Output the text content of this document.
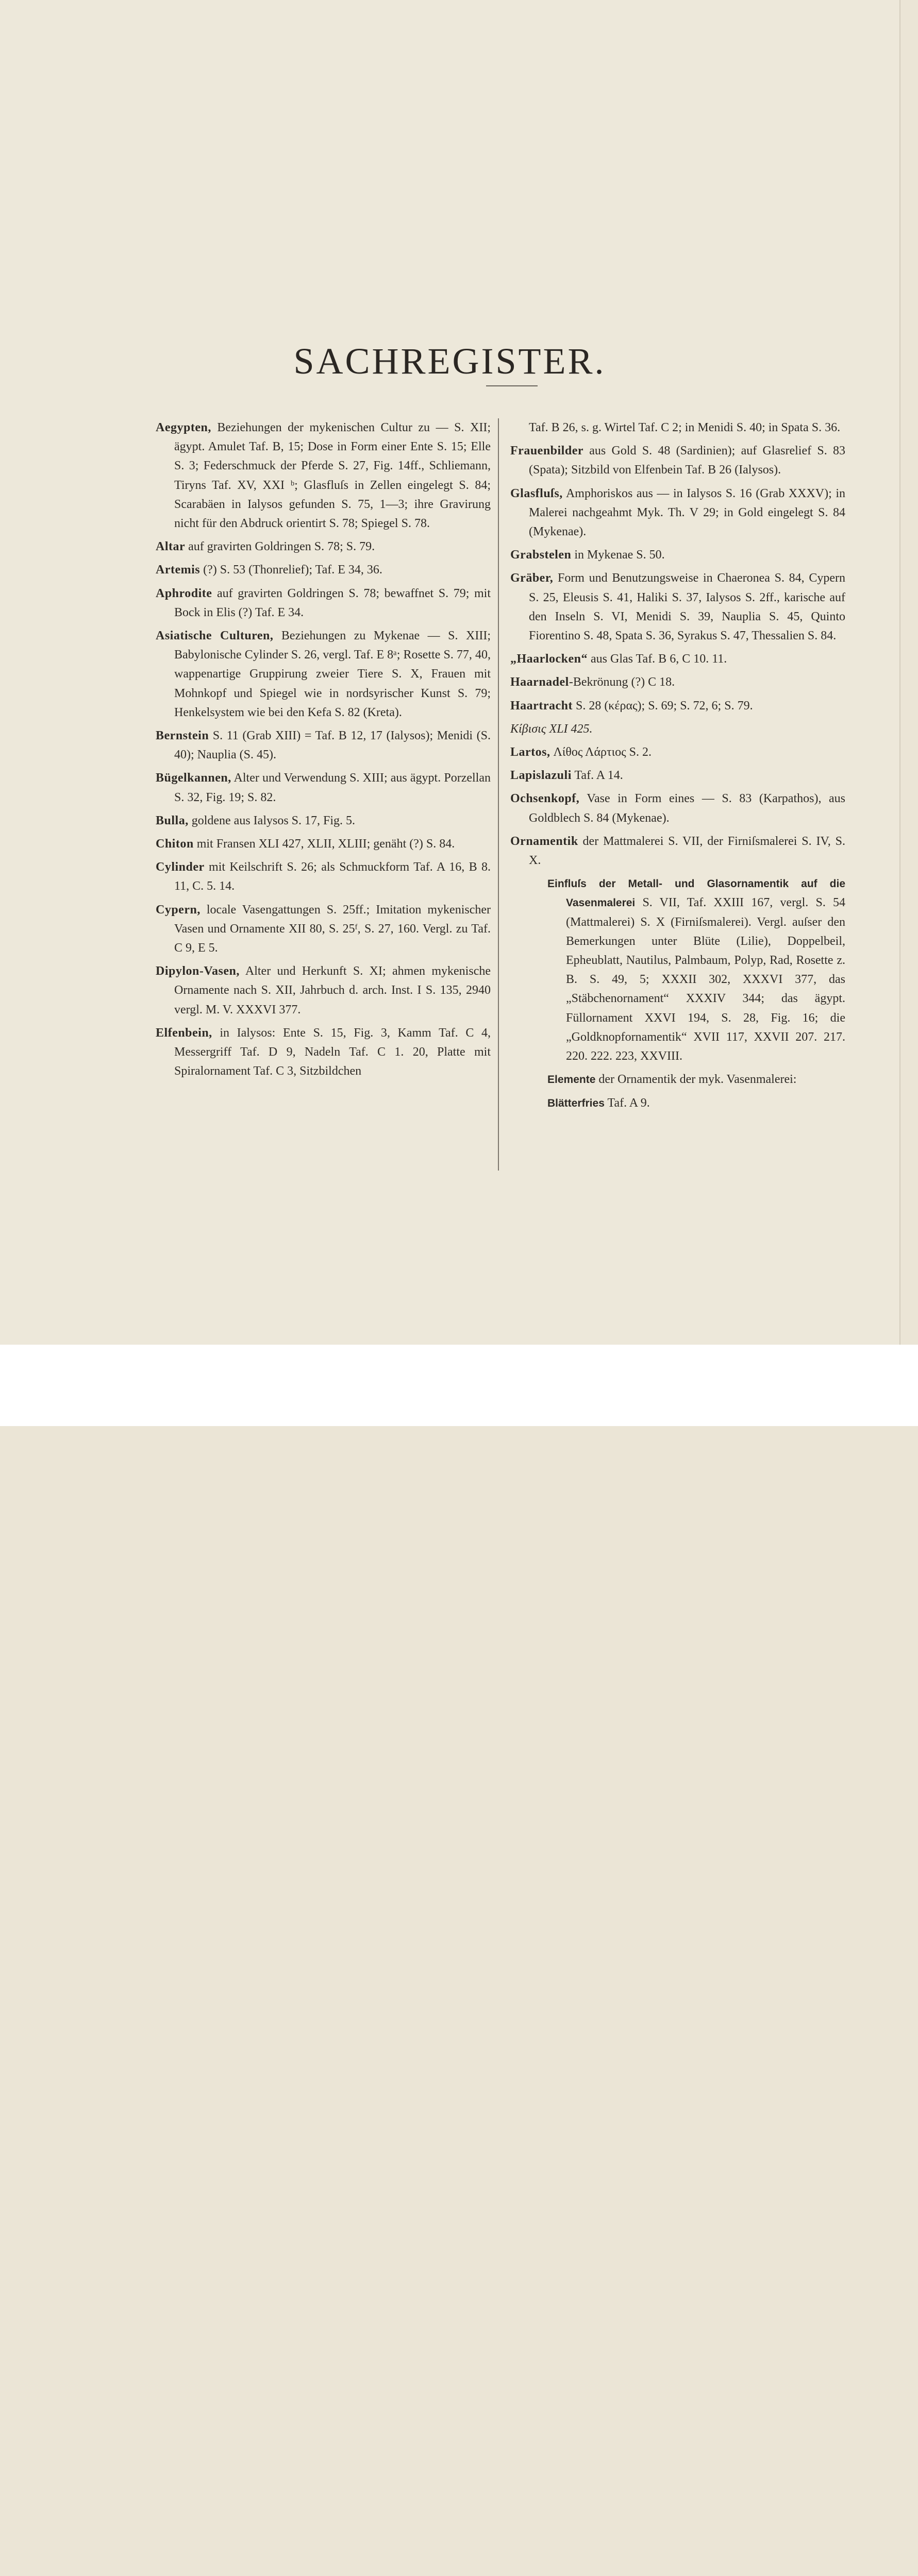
SACHREGISTER.

Aegypten, Beziehungen der mykenischen Cultur zu — S. XII; ägypt. Amulet Taf. B, 15; Dose in Form einer Ente S. 15; Elle S. 3; Federschmuck der Pferde S. 27, Fig. 14ff., Schliemann, Tiryns Taf. XV, XXI ᵇ; Glasfluſs in Zellen eingelegt S. 84; Scarabäen in Ialysos gefunden S. 75, 1—3; ihre Gravirung nicht für den Abdruck orientirt S. 78; Spiegel S. 78.

Altar auf gravirten Goldringen S. 78; S. 79.

Artemis (?) S. 53 (Thonrelief); Taf. E 34, 36.

Aphrodite auf gravirten Goldringen S. 78; bewaffnet S. 79; mit Bock in Elis (?) Taf. E 34.

Asiatische Culturen, Beziehungen zu Mykenae — S. XIII; Babylonische Cylinder S. 26, vergl. Taf. E 8ᵃ; Rosette S. 77, 40, wappenartige Gruppirung zweier Tiere S. X, Frauen mit Mohnkopf und Spiegel wie in nordsyrischer Kunst S. 79; Henkelsystem wie bei den Kefa S. 82 (Kreta).

Bernstein S. 11 (Grab XIII) = Taf. B 12, 17 (Ialysos); Menidi (S. 40); Nauplia (S. 45).

Bügelkannen, Alter und Verwendung S. XIII; aus ägypt. Porzellan S. 32, Fig. 19; S. 82.

Bulla, goldene aus Ialysos S. 17, Fig. 5.

Chiton mit Fransen XLI 427, XLII, XLIII; genäht (?) S. 84.

Cylinder mit Keilschrift S. 26; als Schmuckform Taf. A 16, B 8. 11, C. 5. 14.

Cypern, locale Vasengattungen S. 25ff.; Imitation mykenischer Vasen und Ornamente XII 80, S. 25ᶠ, S. 27, 160. Vergl. zu Taf. C 9, E 5.

Dipylon-Vasen, Alter und Herkunft S. XI; ahmen mykenische Ornamente nach S. XII, Jahrbuch d. arch. Inst. I S. 135, 2940 vergl. M. V. XXXVI 377.

Elfenbein, in Ialysos: Ente S. 15, Fig. 3, Kamm Taf. C 4, Messergriff Taf. D 9, Nadeln Taf. C 1. 20, Platte mit Spiralornament Taf. C 3, Sitzbildchen

Taf. B 26, s. g. Wirtel Taf. C 2; in Menidi S. 40; in Spata S. 36.

Frauenbilder aus Gold S. 48 (Sardinien); auf Glasrelief S. 83 (Spata); Sitzbild von Elfenbein Taf. B 26 (Ialysos).

Glasfluſs, Amphoriskos aus — in Ialysos S. 16 (Grab XXXV); in Malerei nachgeahmt Myk. Th. V 29; in Gold eingelegt S. 84 (Mykenae).

Grabstelen in Mykenae S. 50.

Gräber, Form und Benutzungsweise in Chaeronea S. 84, Cypern S. 25, Eleusis S. 41, Haliki S. 37, Ialysos S. 2ff., karische auf den Inseln S. VI, Menidi S. 39, Nauplia S. 45, Quinto Fiorentino S. 48, Spata S. 36, Syrakus S. 47, Thessalien S. 84.

„Haarlocken“ aus Glas Taf. B 6, C 10. 11.

Haarnadel-Bekrönung (?) C 18.

Haartracht S. 28 (κέρας); S. 69; S. 72, 6; S. 79.

Κίβισις XLI 425.

Lartos, Λίθος Λάρτιος S. 2.

Lapislazuli Taf. A 14.

Ochsenkopf, Vase in Form eines — S. 83 (Karpathos), aus Goldblech S. 84 (Mykenae).

Ornamentik der Mattmalerei S. VII, der Firniſsmalerei S. IV, S. X.

Einfluſs der Metall- und Glasornamentik auf die Vasenmalerei S. VII, Taf. XXIII 167, vergl. S. 54 (Mattmalerei) S. X (Firniſsmalerei). Vergl. auſser den Bemerkungen unter Blüte (Lilie), Doppelbeil, Epheublatt, Nautilus, Palmbaum, Polyp, Rad, Rosette z. B. S. 49, 5; XXXII 302, XXXVI 377, das „Stäbchenornament“ XXXIV 344; das ägypt. Füllornament XXVI 194, S. 28, Fig. 16; die „Goldknopfornamentik“ XVII 117, XXVII 207. 217. 220. 222. 223, XXVIII.

Elemente der Ornamentik der myk. Vasenmalerei:

Blätterfries Taf. A 9.
